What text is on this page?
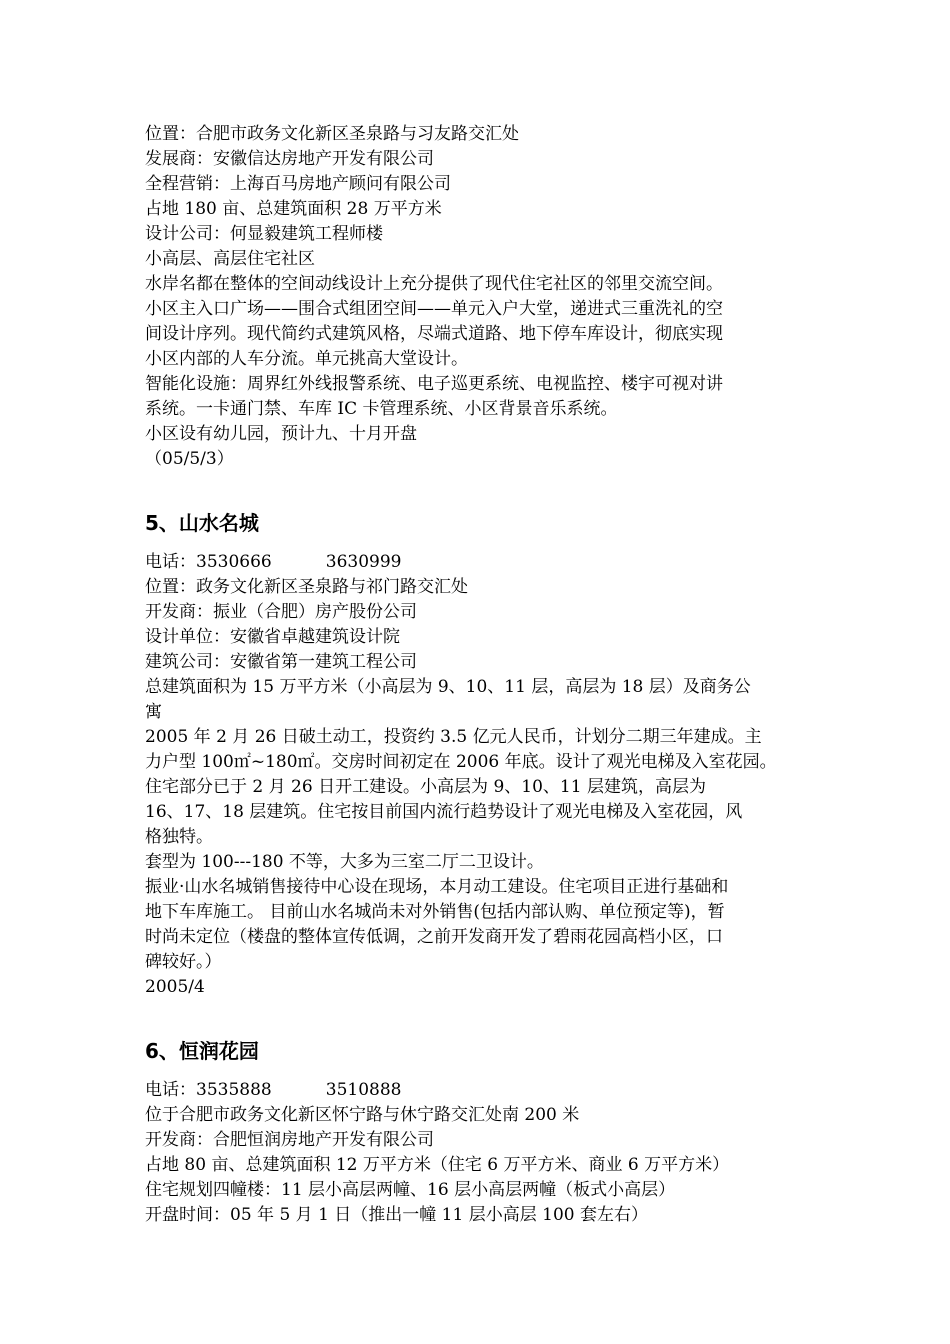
位置：合肥市政务文化新区圣泉路与习友路交汇处
发展商：安徽信达房地产开发有限公司
全程营销：上海百马房地产顾问有限公司
占地 180 亩、总建筑面积 28 万平方米
设计公司：何显毅建筑工程师楼
小高层、高层住宅社区
水岸名都在整体的空间动线设计上充分提供了现代住宅社区的邻里交流空间。
小区主入口广场——围合式组团空间——单元入户大堂，递进式三重洗礼的空
间设计序列。现代简约式建筑风格，尽端式道路、地下停车库设计，彻底实现
小区内部的人车分流。单元挑高大堂设计。
智能化设施：周界红外线报警系统、电子巡更系统、电视监控、楼宇可视对讲
系统。一卡通门禁、车库 IC 卡管理系统、小区背景音乐系统。
小区设有幼儿园，预计九、十月开盘
（05/5/3）
5、山水名城
电话：3530666          3630999
位置：政务文化新区圣泉路与祁门路交汇处
开发商：振业（合肥）房产股份公司
设计单位：安徽省卓越建筑设计院
建筑公司：安徽省第一建筑工程公司
总建筑面积为 15 万平方米（小高层为 9、10、11 层，高层为 18 层）及商务公
寓
2005 年 2 月 26 日破土动工，投资约 3.5 亿元人民币，计划分二期三年建成。主
力户型 100㎡~180㎡。交房时间初定在 2006 年底。设计了观光电梯及入室花园。
住宅部分已于 2 月 26 日开工建设。小高层为 9、10、11 层建筑，高层为
16、17、18 层建筑。住宅按目前国内流行趋势设计了观光电梯及入室花园，风
格独特。
套型为 100---180 不等，大多为三室二厅二卫设计。
振业·山水名城销售接待中心设在现场，本月动工建设。住宅项目正进行基础和
地下车库施工。 目前山水名城尚未对外销售(包括内部认购、单位预定等)，暂
时尚未定位（楼盘的整体宣传低调，之前开发商开发了碧雨花园高档小区，口
碑较好。）
2005/4
6、恒润花园
电话：3535888          3510888
位于合肥市政务文化新区怀宁路与休宁路交汇处南 200 米
开发商：合肥恒润房地产开发有限公司
占地 80 亩、总建筑面积 12 万平方米（住宅 6 万平方米、商业 6 万平方米）
住宅规划四幢楼：11 层小高层两幢、16 层小高层两幢（板式小高层）
开盘时间：05 年 5 月 1 日（推出一幢 11 层小高层 100 套左右）
